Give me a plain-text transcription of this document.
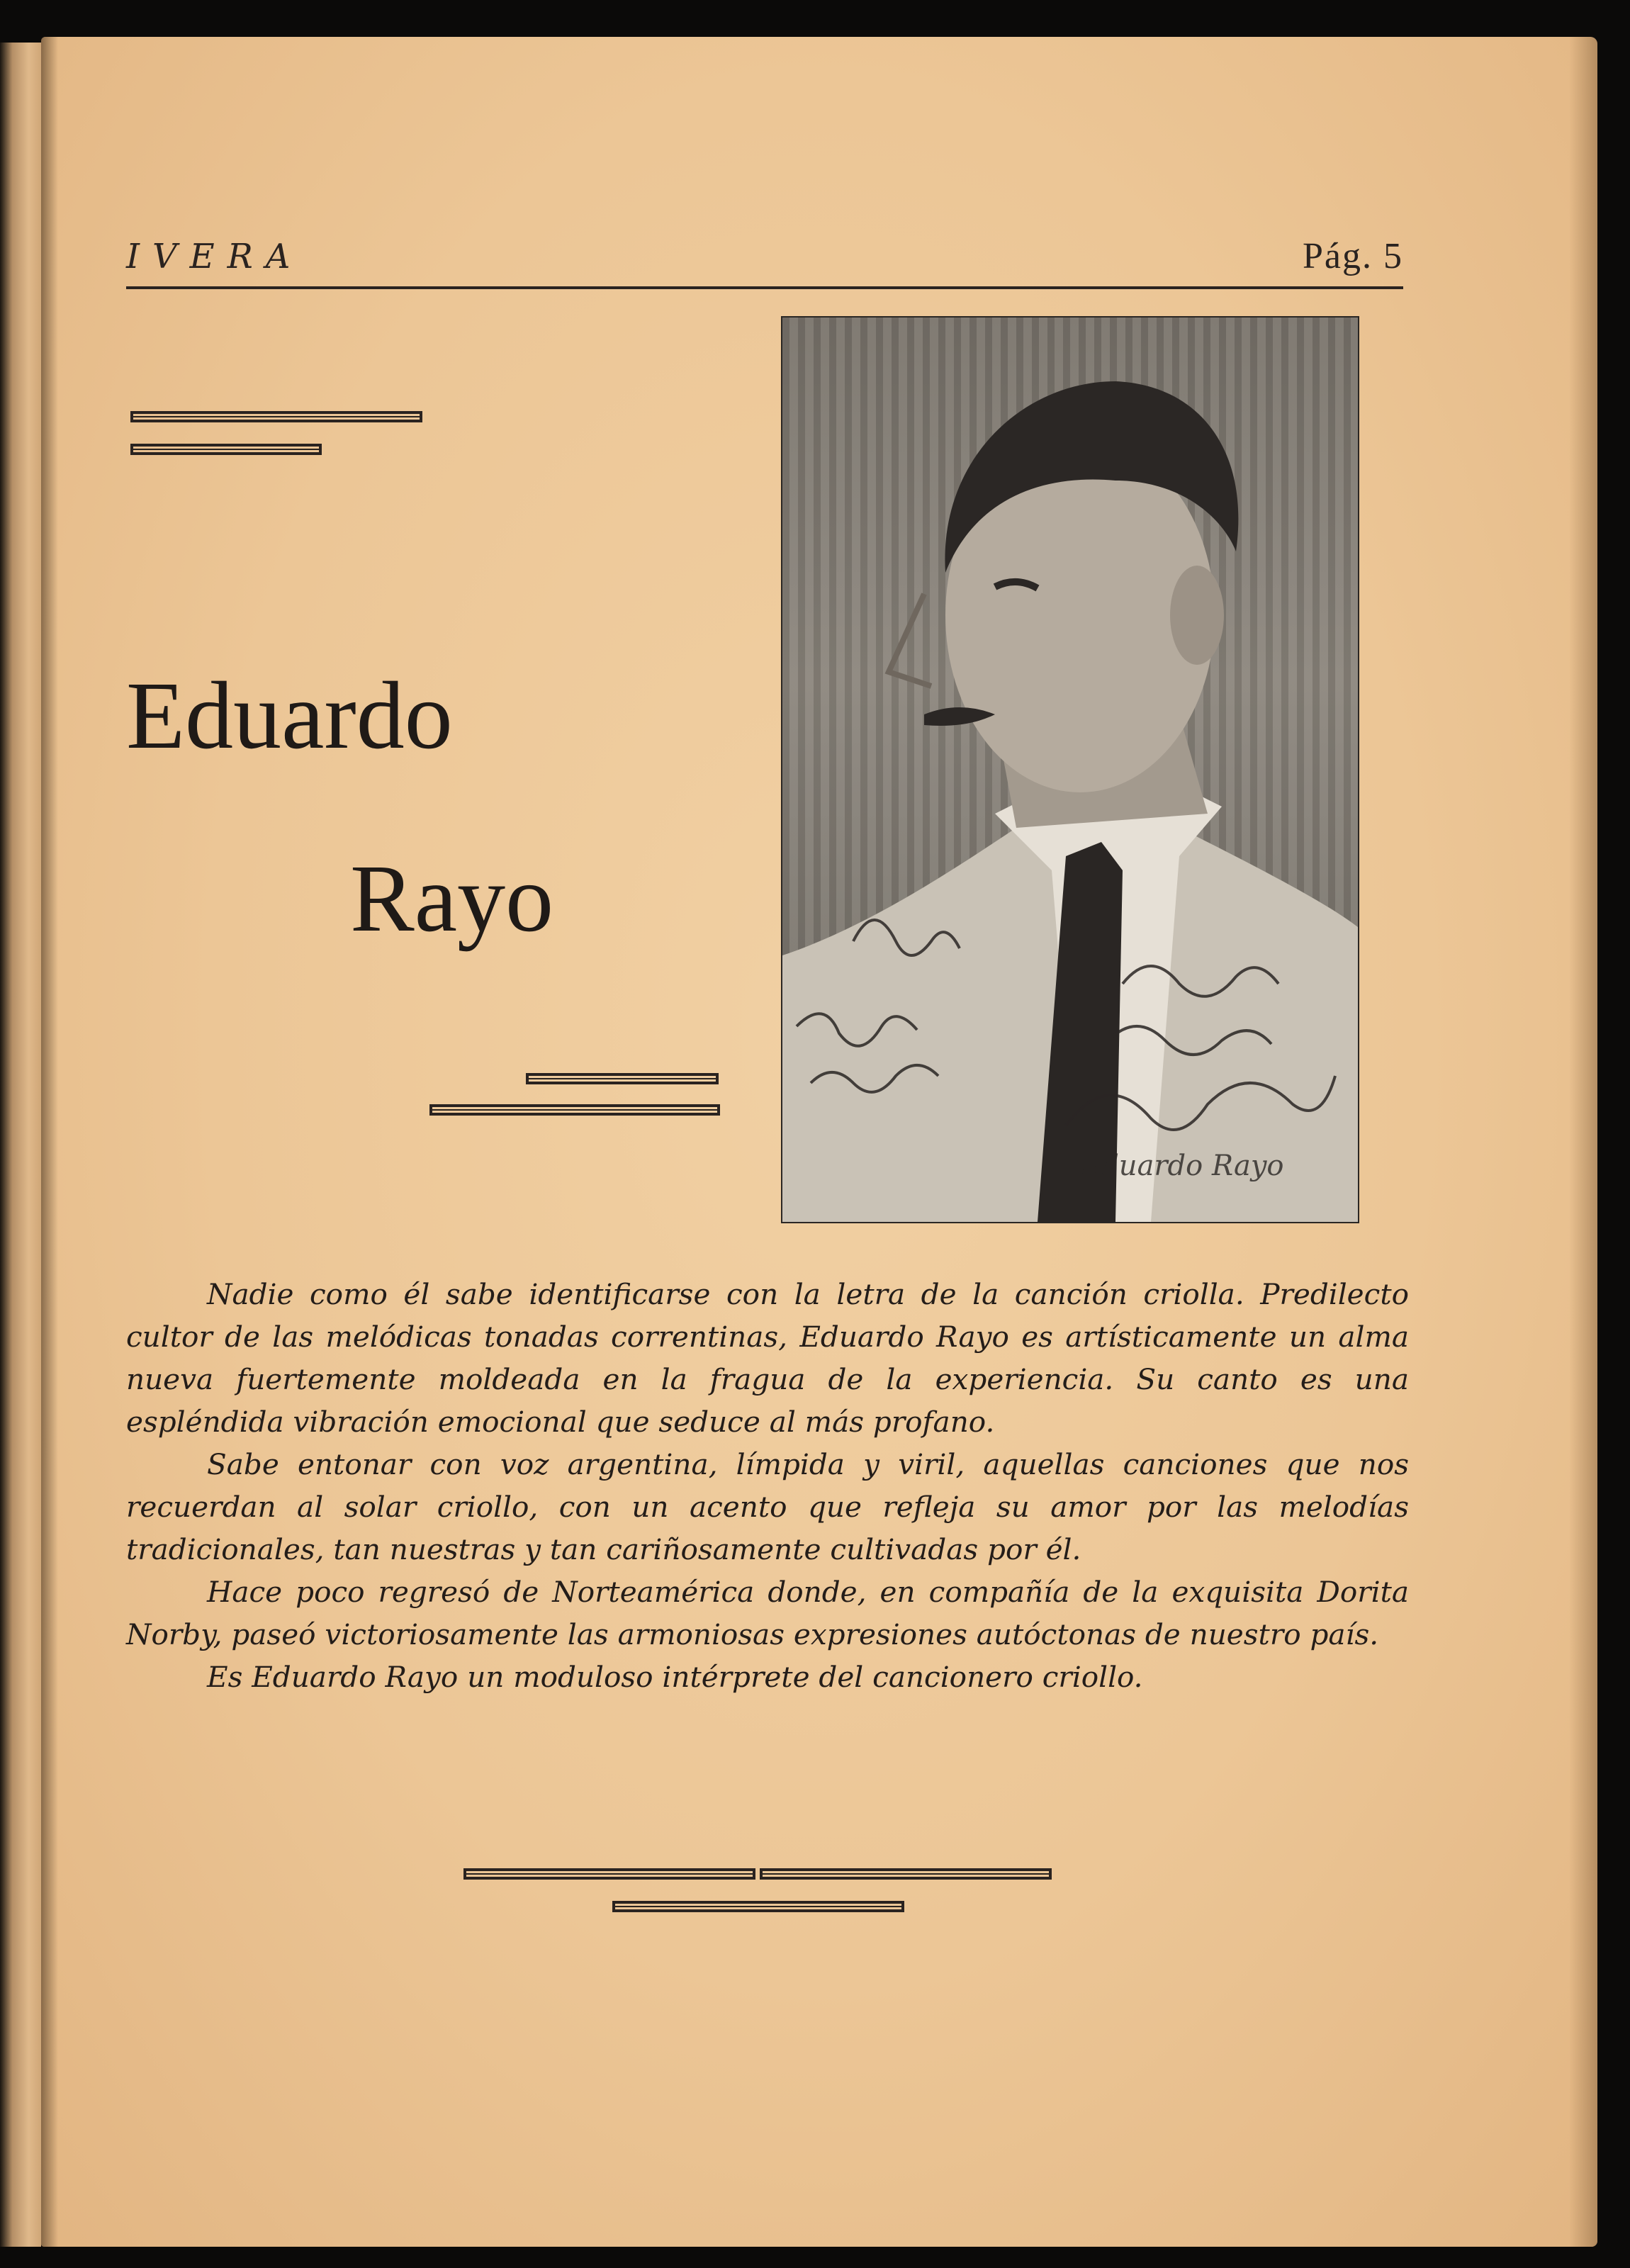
IVERA	Pág. 5
Eduardo
Rayo
Eduardo Rayo

Nadie como él sabe identificarse con la letra de la canción criolla. Predilecto cultor de las melódicas tonadas correntinas, Eduardo Rayo es artísticamente un alma nueva fuertemente moldeada en la fragua de la experiencia. Su canto es una espléndida vibración emocional que seduce al más profano.

Sabe entonar con voz argentina, límpida y viril, aquellas canciones que nos recuerdan al solar criollo, con un acento que refleja su amor por las melodías tradicionales, tan nuestras y tan cariñosamente cultivadas por él.

Hace poco regresó de Norteamérica donde, en compañía de la exquisita Dorita Norby, paseó victoriosamente las armoniosas expresiones autóctonas de nuestro país.

Es Eduardo Rayo un moduloso intérprete del cancionero criollo.
